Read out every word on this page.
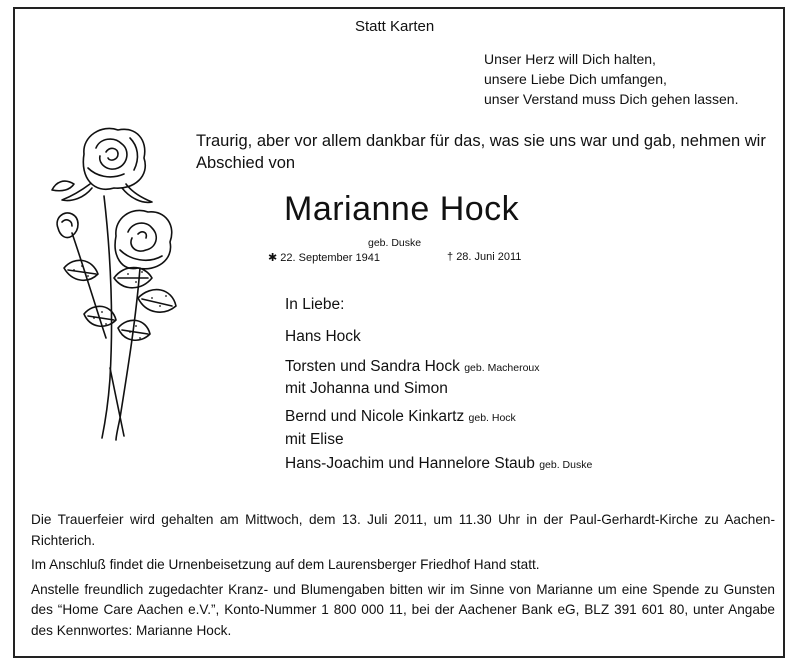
Statt Karten
Unser Herz will Dich halten,
unsere Liebe Dich umfangen,
unser Verstand muss Dich gehen lassen.
Traurig, aber vor allem dankbar für das, was sie uns war und gab, nehmen wir Abschied von
Marianne Hock
geb. Duske
✱ 22. September 1941	† 28. Juni 2011
In Liebe:
Hans Hock
Torsten und Sandra Hock geb. Macheroux
mit Johanna und Simon
Bernd und Nicole Kinkartz geb. Hock
mit Elise
Hans-Joachim und Hannelore Staub geb. Duske

Die Trauerfeier wird gehalten am Mittwoch, dem 13. Juli 2011, um 11.30 Uhr in der Paul-Gerhardt-Kirche zu Aachen-Richterich.

Im Anschluß findet die Urnenbeisetzung auf dem Laurensberger Friedhof Hand statt.

Anstelle freundlich zugedachter Kranz- und Blumengaben bitten wir im Sinne von Marianne um eine Spende zu Gunsten des “Home Care Aachen e.V.”, Konto-Nummer 1 800 000 11, bei der Aachener Bank eG, BLZ 391 601 80, unter Angabe des Kennwortes: Marianne Hock.
